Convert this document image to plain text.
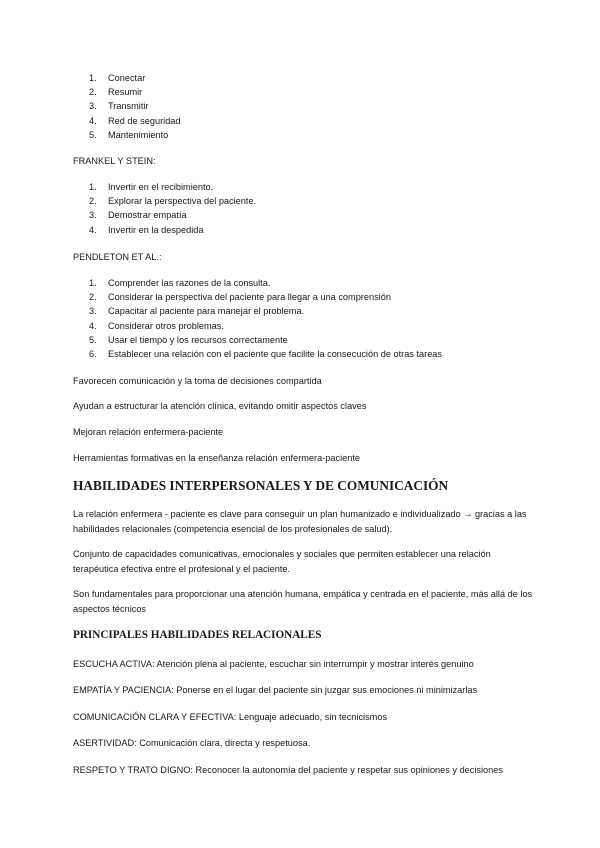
1.	Conectar
2.	Resumir
3.	Transmitir
4.	Red de seguridad
5.	Mantenimiento
FRANKEL Y STEIN:
1.	Invertir en el recibimiento.
2.	Explorar la perspectiva del paciente.
3.	Demostrar empatía
4.	Invertir en la despedida
PENDLETON ET AL.:
1.	Comprender las razones de la consulta.
2.	Considerar la perspectiva del paciente para llegar a una comprensión
3.	Capacitar al paciente para manejar el problema.
4.	Considerar otros problemas.
5.	Usar el tiempo y los recursos correctamente
6.	Establecer una relación con el paciente que facilite la consecución de otras tareas
Favorecen comunicación y la toma de decisiones compartida
Ayudan a estructurar la atención clínica, evitando omitir aspectos claves
Mejoran relación enfermera-paciente
Herramientas formativas en la enseñanza relación enfermera-paciente
HABILIDADES INTERPERSONALES Y DE COMUNICACIÓN
La relación enfermera - paciente es clave para conseguir un plan humanizado e individualizado → gracias a las habilidades relacionales (competencia esencial de los profesionales de salud).
Conjunto de capacidades comunicativas, emocionales y sociales que permiten establecer una relación terapéutica efectiva entre el profesional y el paciente.
Son fundamentales para proporcionar una atención humana, empática y centrada en el paciente, más allá de los aspectos técnicos
PRINCIPALES HABILIDADES RELACIONALES
ESCUCHA ACTIVA: Atención plena al paciente, escuchar sin interrumpir y mostrar interés genuino
EMPATÍA Y PACIENCIA: Ponerse en el lugar del paciente sin juzgar sus emociones ni minimizarlas
COMUNICACIÓN CLARA Y EFECTIVA: Lenguaje adecuado, sin tecnicismos
ASERTIVIDAD: Comunicación clara, directa y respetuosa.
RESPETO Y TRATO DIGNO: Reconocer la autonomía del paciente y respetar sus opiniones y decisiones
